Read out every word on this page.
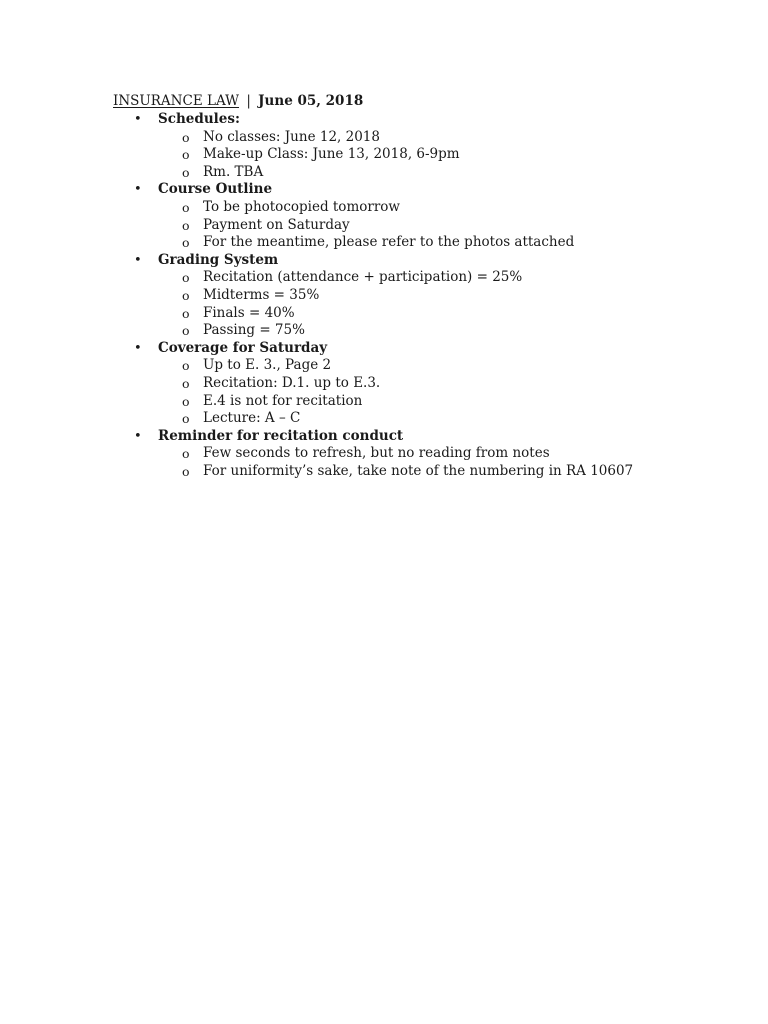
INSURANCE LAW | June 05, 2018
• Schedules:
o No classes: June 12, 2018
o Make-up Class: June 13, 2018, 6-9pm
o Rm. TBA
• Course Outline
o To be photocopied tomorrow
o Payment on Saturday
o For the meantime, please refer to the photos attached
• Grading System
o Recitation (attendance + participation) = 25%
o Midterms = 35%
o Finals = 40%
o Passing = 75%
• Coverage for Saturday
o Up to E. 3., Page 2
o Recitation: D.1. up to E.3.
o E.4 is not for recitation
o Lecture: A – C
• Reminder for recitation conduct
o Few seconds to refresh, but no reading from notes
o For uniformity’s sake, take note of the numbering in RA 10607
